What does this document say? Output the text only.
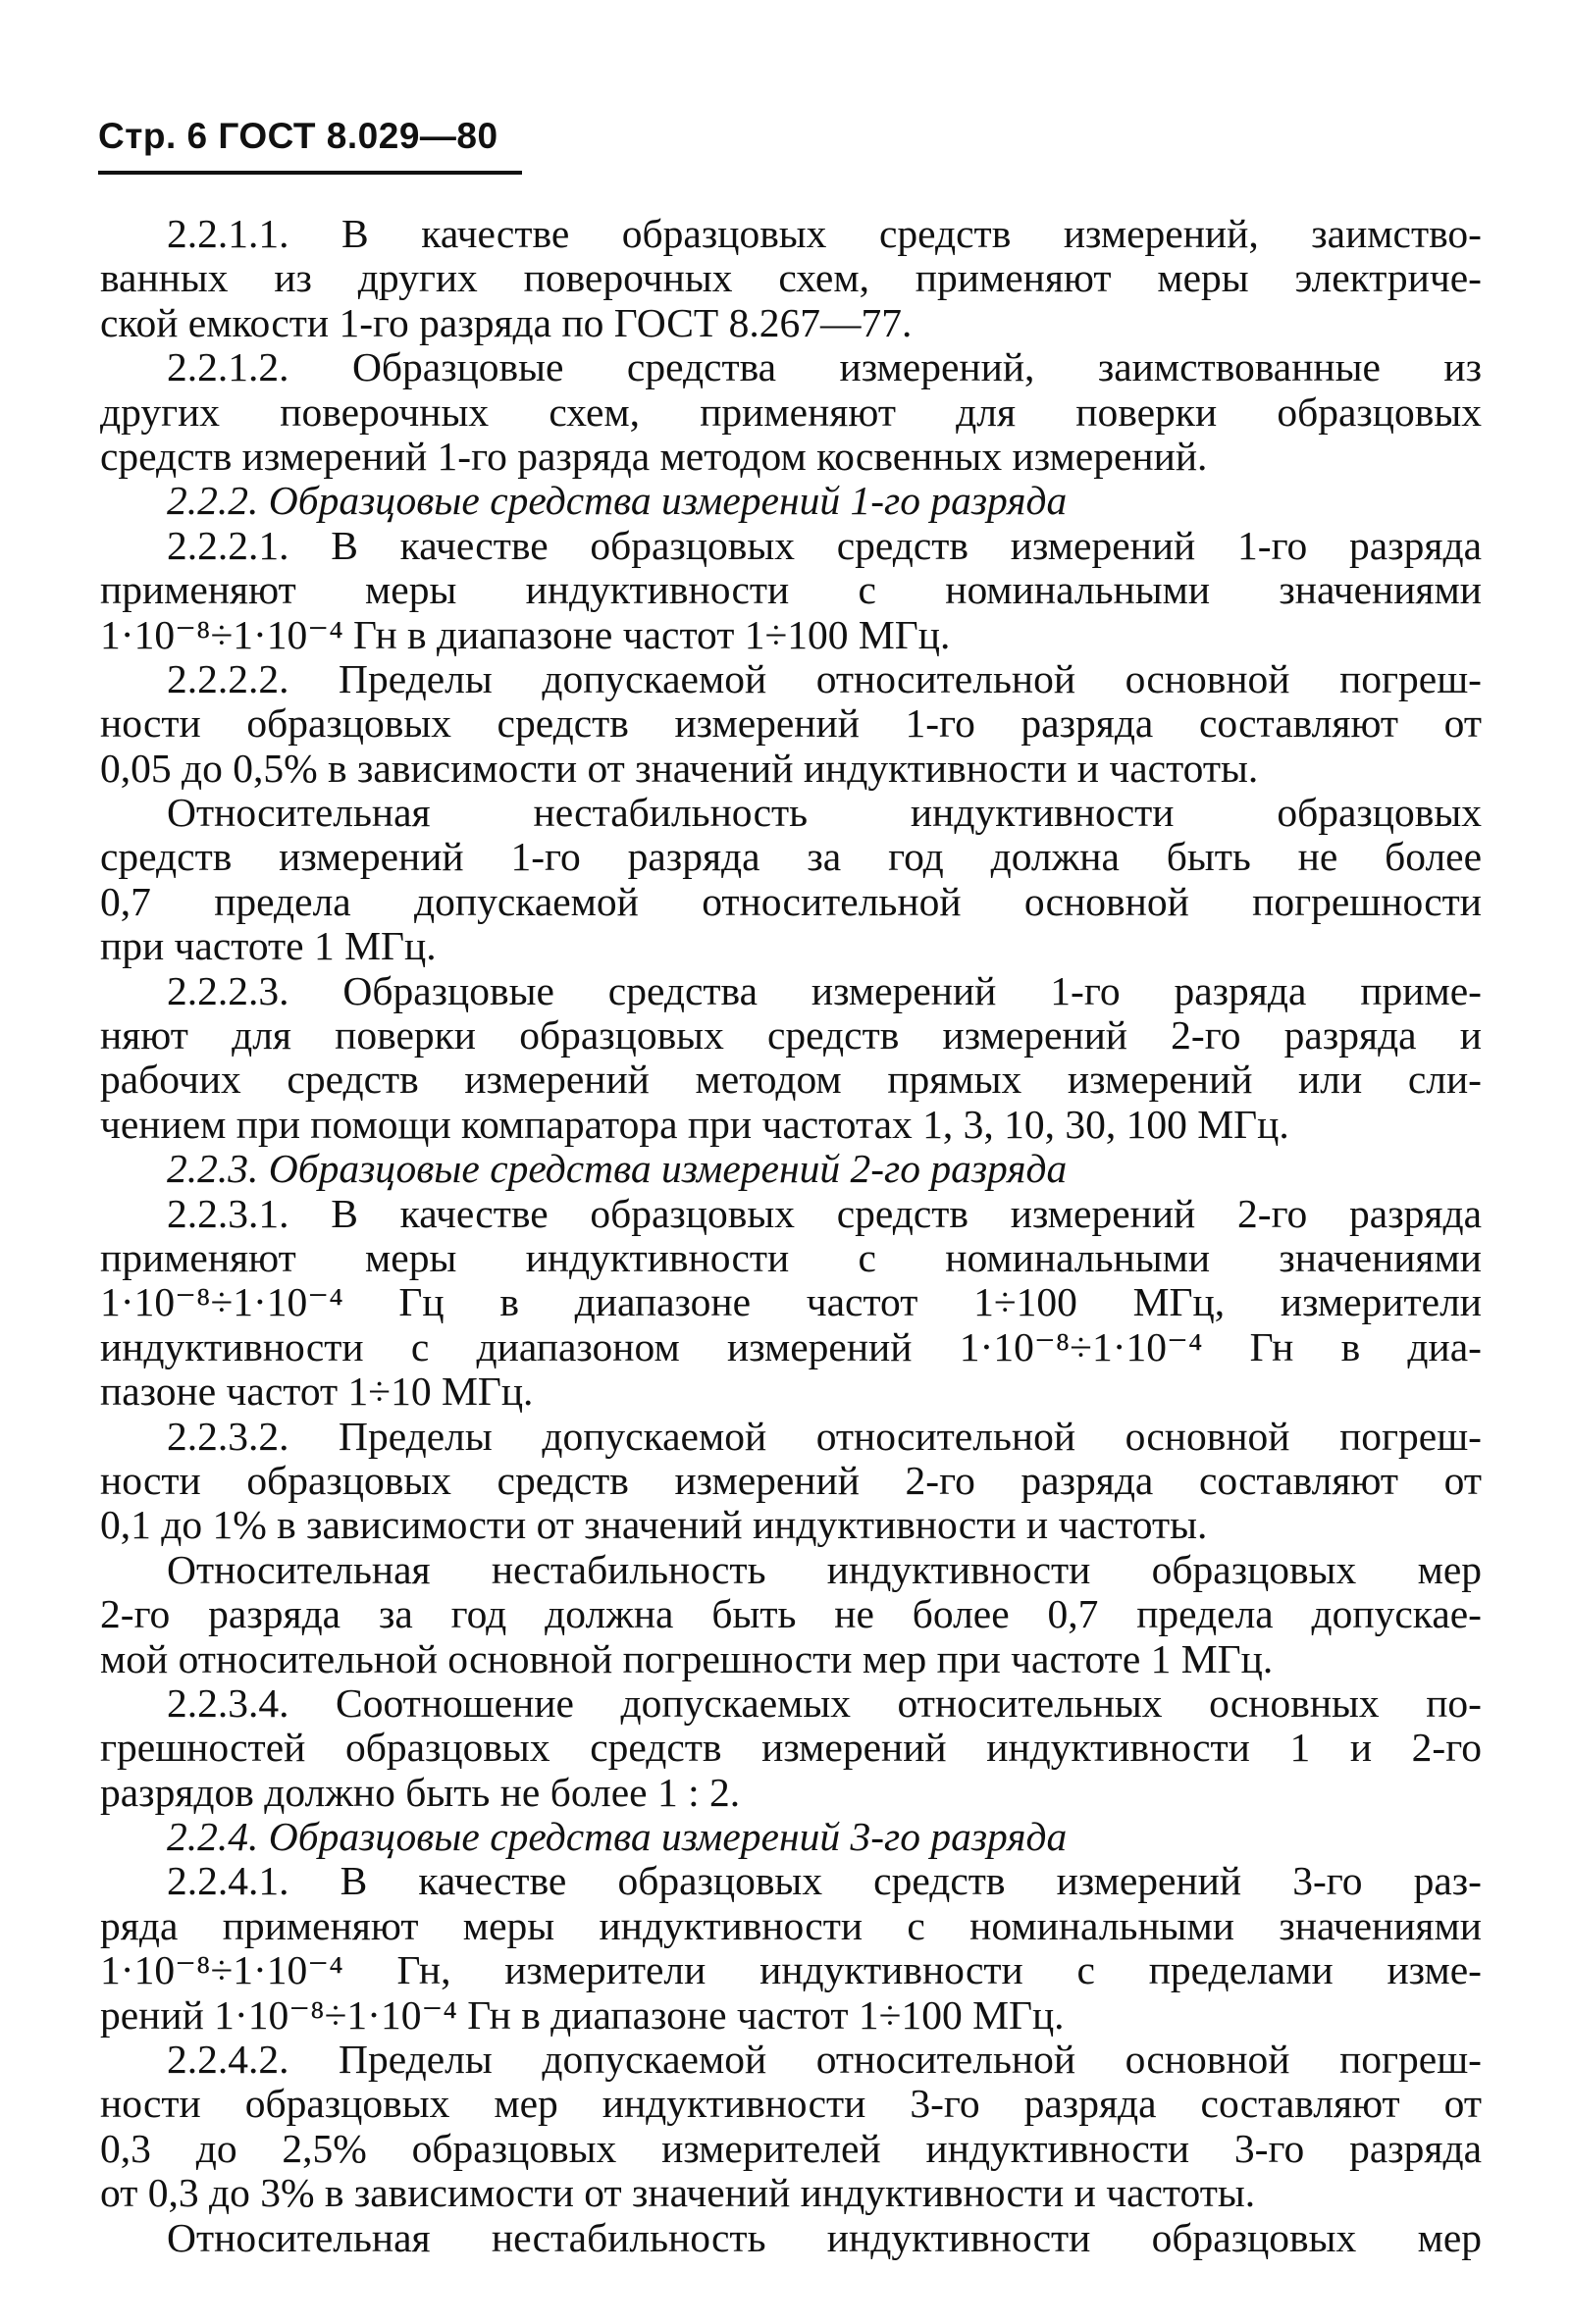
Стр. 6 ГОСТ 8.029—80
2.2.1.1. В качестве образцовых средств измерений, заимство-
ванных из других поверочных схем, применяют меры электриче-
ской емкости 1-го разряда по ГОСТ 8.267—77.
2.2.1.2. Образцовые средства измерений, заимствованные из
других поверочных схем, применяют для поверки образцовых
средств измерений 1-го разряда методом косвенных измерений.
2.2.2. Образцовые средства измерений 1-го разряда
2.2.2.1. В качестве образцовых средств измерений 1-го разряда
применяют меры индуктивности с номинальными значениями
1·10⁻⁸÷1·10⁻⁴ Гн в диапазоне частот 1÷100 МГц.
2.2.2.2. Пределы допускаемой относительной основной погреш-
ности образцовых средств измерений 1-го разряда составляют от
0,05 до 0,5% в зависимости от значений индуктивности и частоты.
Относительная нестабильность индуктивности образцовых
средств измерений 1-го разряда за год должна быть не более
0,7 предела допускаемой относительной основной погрешности
при частоте 1 МГц.
2.2.2.3. Образцовые средства измерений 1-го разряда приме-
няют для поверки образцовых средств измерений 2-го разряда и
рабочих средств измерений методом прямых измерений или сли-
чением при помощи компаратора при частотах 1, 3, 10, 30, 100 МГц.
2.2.3. Образцовые средства измерений 2-го разряда
2.2.3.1. В качестве образцовых средств измерений 2-го разряда
применяют меры индуктивности с номинальными значениями
1·10⁻⁸÷1·10⁻⁴ Гц в диапазоне частот 1÷100 МГц, измерители
индуктивности с диапазоном измерений 1·10⁻⁸÷1·10⁻⁴ Гн в диа-
пазоне частот 1÷10 МГц.
2.2.3.2. Пределы допускаемой относительной основной погреш-
ности образцовых средств измерений 2-го разряда составляют от
0,1 до 1% в зависимости от значений индуктивности и частоты.
Относительная нестабильность индуктивности образцовых мер
2-го разряда за год должна быть не более 0,7 предела допускае-
мой относительной основной погрешности мер при частоте 1 МГц.
2.2.3.4. Соотношение допускаемых относительных основных по-
грешностей образцовых средств измерений индуктивности 1 и 2-го
разрядов должно быть не более 1 : 2.
2.2.4. Образцовые средства измерений 3-го разряда
2.2.4.1. В качестве образцовых средств измерений 3-го раз-
ряда применяют меры индуктивности с номинальными значениями
1·10⁻⁸÷1·10⁻⁴ Гн, измерители индуктивности с пределами изме-
рений 1·10⁻⁸÷1·10⁻⁴ Гн в диапазоне частот 1÷100 МГц.
2.2.4.2. Пределы допускаемой относительной основной погреш-
ности образцовых мер индуктивности 3-го разряда составляют от
0,3 до 2,5% образцовых измерителей индуктивности 3-го разряда
от 0,3 до 3% в зависимости от значений индуктивности и частоты.
Относительная нестабильность индуктивности образцовых мер
